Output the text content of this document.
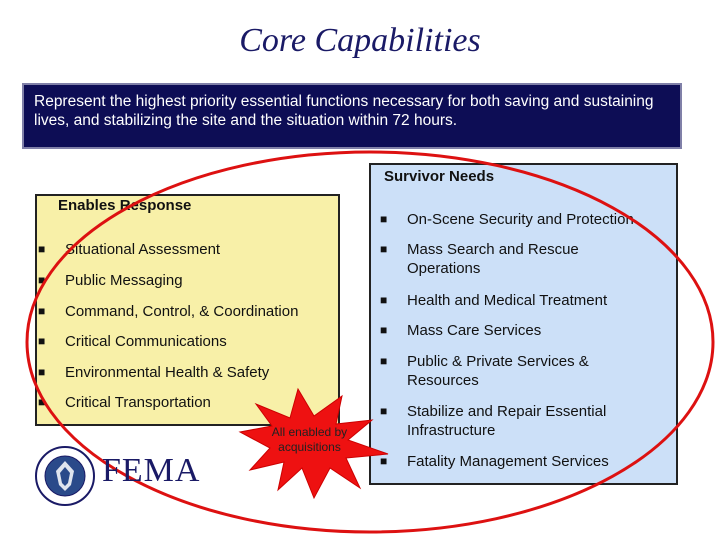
Core Capabilities
Represent the highest priority essential functions necessary for both saving and sustaining lives, and stabilizing the site and the situation within 72 hours.
Survivor Needs
■ On-Scene Security and Protection
■ Mass Search and Rescue Operations
■ Health and Medical Treatment
■ Mass Care Services
■ Public & Private Services & Resources
■ Stabilize and Repair Essential Infrastructure
■ Fatality Management Services
Enables Response
■ Situational Assessment
■ Public Messaging
■ Command, Control, & Coordination
■ Critical Communications
■ Environmental Health & Safety
■ Critical Transportation
All enabled by acquisitions
FEMA
